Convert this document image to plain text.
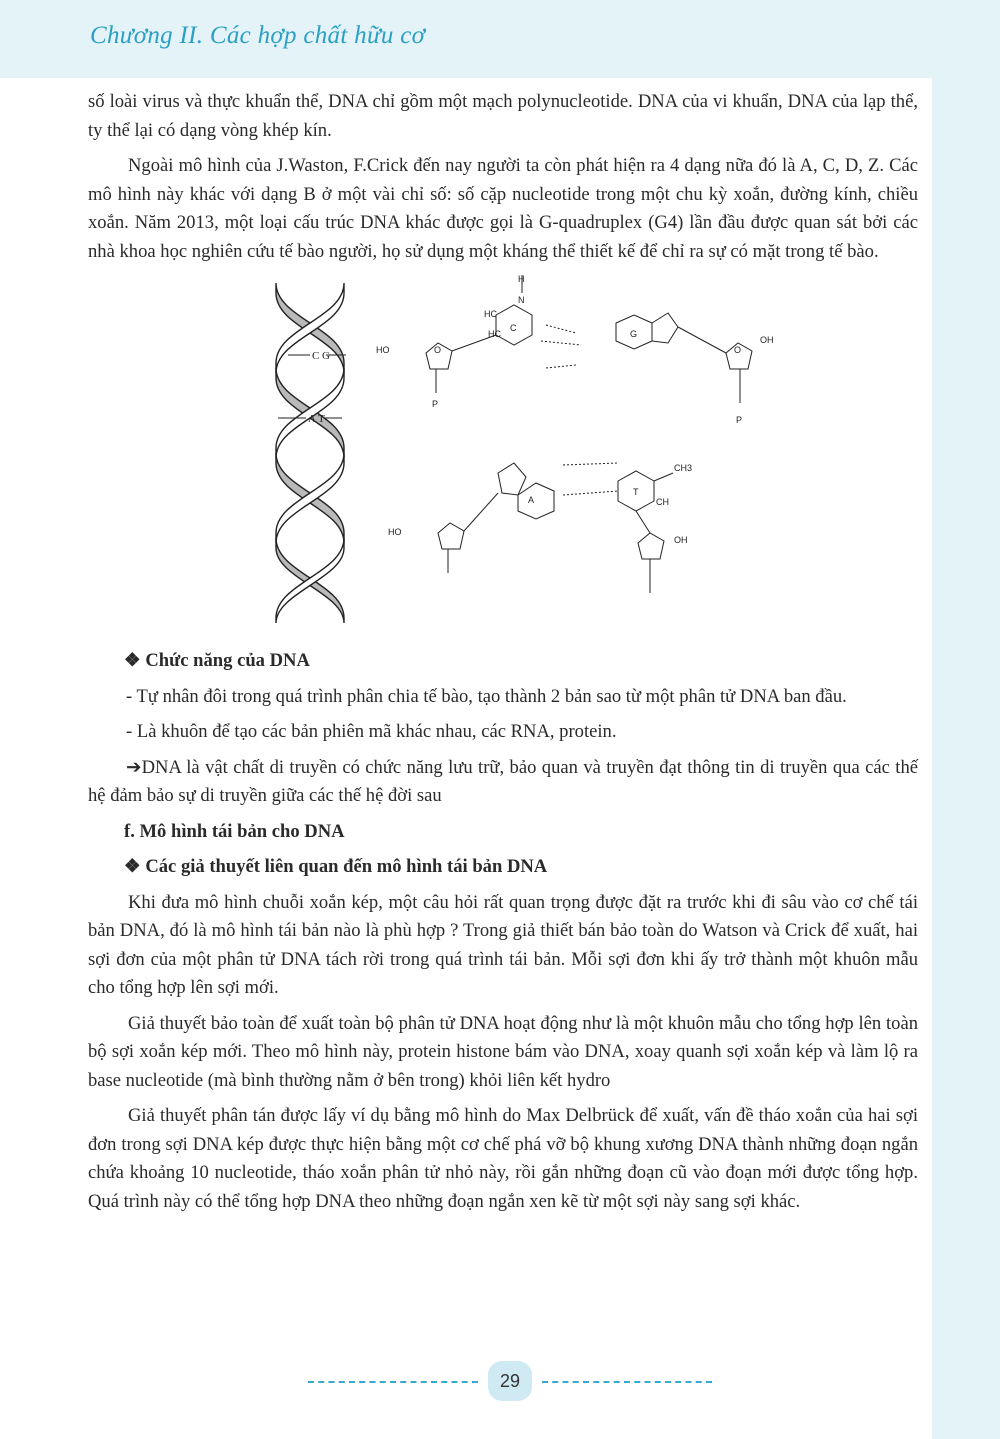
Chương II. Các hợp chất hữu cơ

số loài virus và thực khuẩn thể, DNA chỉ gồm một mạch polynucleotide. DNA của vi khuẩn, DNA của lạp thể, ty thể lại có dạng vòng khép kín.

Ngoài mô hình của J.Waston, F.Crick đến nay người ta còn phát hiện ra 4 dạng nữa đó là A, C, D, Z. Các mô hình này khác với dạng B ở một vài chỉ số: số cặp nucleotide trong một chu kỳ xoắn, đường kính, chiều xoắn. Năm 2013, một loại cấu trúc DNA khác được gọi là G-quadruplex (G4) lần đầu được quan sát bởi các nhà khoa học nghiên cứu tế bào người, họ sử dụng một kháng thể thiết kế để chỉ ra sự có mặt trong tế bào.

C G
A T
HC
HC
C
G
N
H
HO
OH
O	O
P
P
A
T
CH3
CH
HO
OH

❖ Chức năng của DNA

- Tự nhân đôi trong quá trình phân chia tế bào, tạo thành 2 bản sao từ một phân tử DNA ban đầu.

- Là khuôn để tạo các bản phiên mã khác nhau, các RNA, protein.

➔DNA là vật chất di truyền có chức năng lưu trữ, bảo quan và truyền đạt thông tin di truyền qua các thế hệ đảm bảo sự di truyền giữa các thế hệ đời sau

f. Mô hình tái bản cho DNA

❖ Các giả thuyết liên quan đến mô hình tái bản DNA

Khi đưa mô hình chuỗi xoắn kép, một câu hỏi rất quan trọng được đặt ra trước khi đi sâu vào cơ chế tái bản DNA, đó là mô hình tái bản nào là phù hợp ? Trong giả thiết bán bảo toàn do Watson và Crick để xuất, hai sợi đơn của một phân tử DNA tách rời trong quá trình tái bản. Mỗi sợi đơn khi ấy trở thành một khuôn mẫu cho tổng hợp lên sợi mới.

Giả thuyết bảo toàn để xuất toàn bộ phân tử DNA hoạt động như là một khuôn mẫu cho tổng hợp lên toàn bộ sợi xoắn kép mới. Theo mô hình này, protein histone bám vào DNA, xoay quanh sợi xoắn kép và làm lộ ra base nucleotide (mà bình thường nằm ở bên trong) khỏi liên kết hydro

Giả thuyết phân tán được lấy ví dụ bằng mô hình do Max Delbrück để xuất, vấn đề tháo xoắn của hai sợi đơn trong sợi DNA kép được thực hiện bằng một cơ chế phá vỡ bộ khung xương DNA thành những đoạn ngắn chứa khoảng 10 nucleotide, tháo xoắn phân tử nhỏ này, rồi gắn những đoạn cũ vào đoạn mới được tổng hợp. Quá trình này có thể tổng hợp DNA theo những đoạn ngắn xen kẽ từ một sợi này sang sợi khác.

29
